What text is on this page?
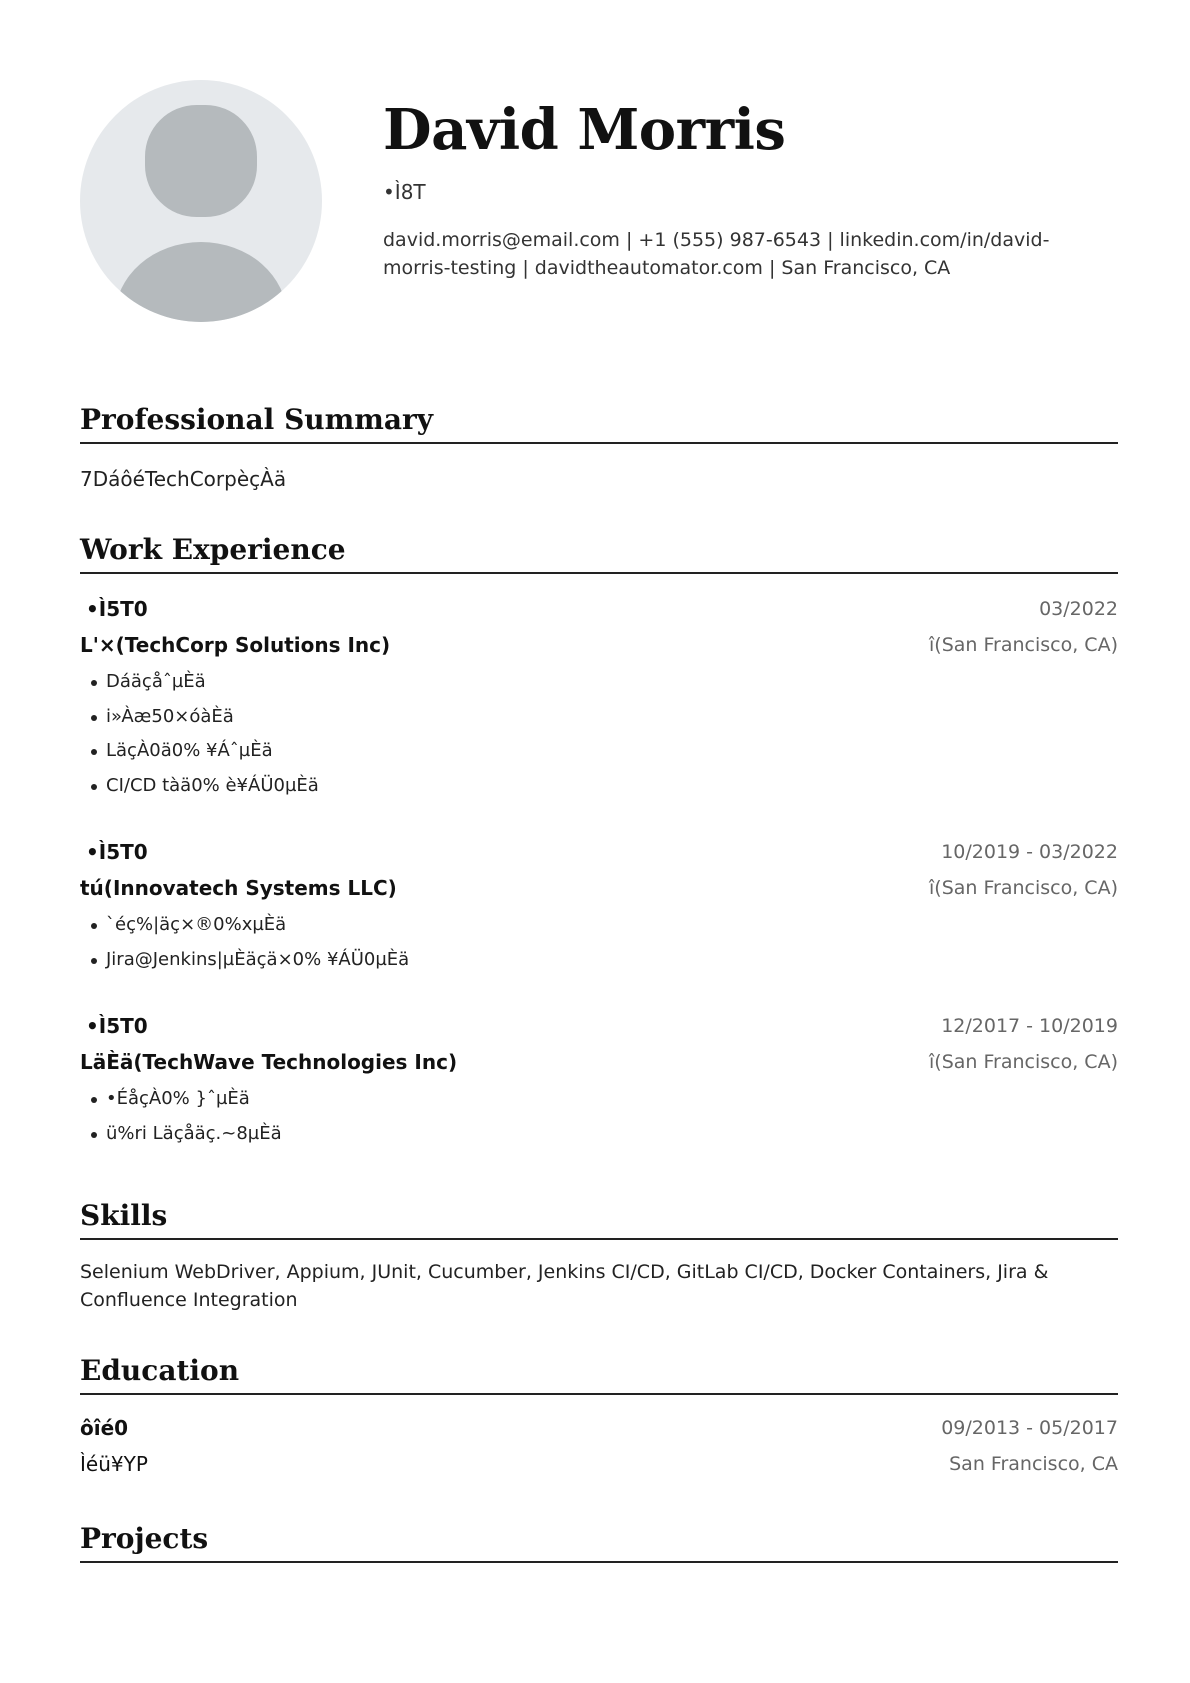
David Morris
•Ì8T
david.morris@email.com | +1 (555) 987-6543 | linkedin.com/in/david-morris-testing | davidtheautomator.com | San Francisco, CA
Professional Summary
7DáôéTechCorpèçÀä
Work Experience
•Ì5T0	03/2022
L'×(TechCorp Solutions Inc)	î(San Francisco, CA)
DáäçåˆµÈä
i»Àæ50×óàÈä
LäçÀ0ä0% ¥ÁˆµÈä
CI/CD tàä0% è¥ÁÜ0µÈä
•Ì5T0	10/2019 - 03/2022
tú(Innovatech Systems LLC)	î(San Francisco, CA)
`éç%|äç×®0%xµÈä
Jira@Jenkins|µÈäçä×0% ¥ÁÜ0µÈä
•Ì5T0	12/2017 - 10/2019
LäÈä(TechWave Technologies Inc)	î(San Francisco, CA)
•ÉåçÀ0% }ˆµÈä
ü%ri Läçåäç.~8µÈä
Skills
Selenium WebDriver, Appium, JUnit, Cucumber, Jenkins CI/CD, GitLab CI/CD, Docker Containers, Jira & Confluence Integration
Education
ôîé0	09/2013 - 05/2017
Ìéü¥YP	San Francisco, CA
Projects
